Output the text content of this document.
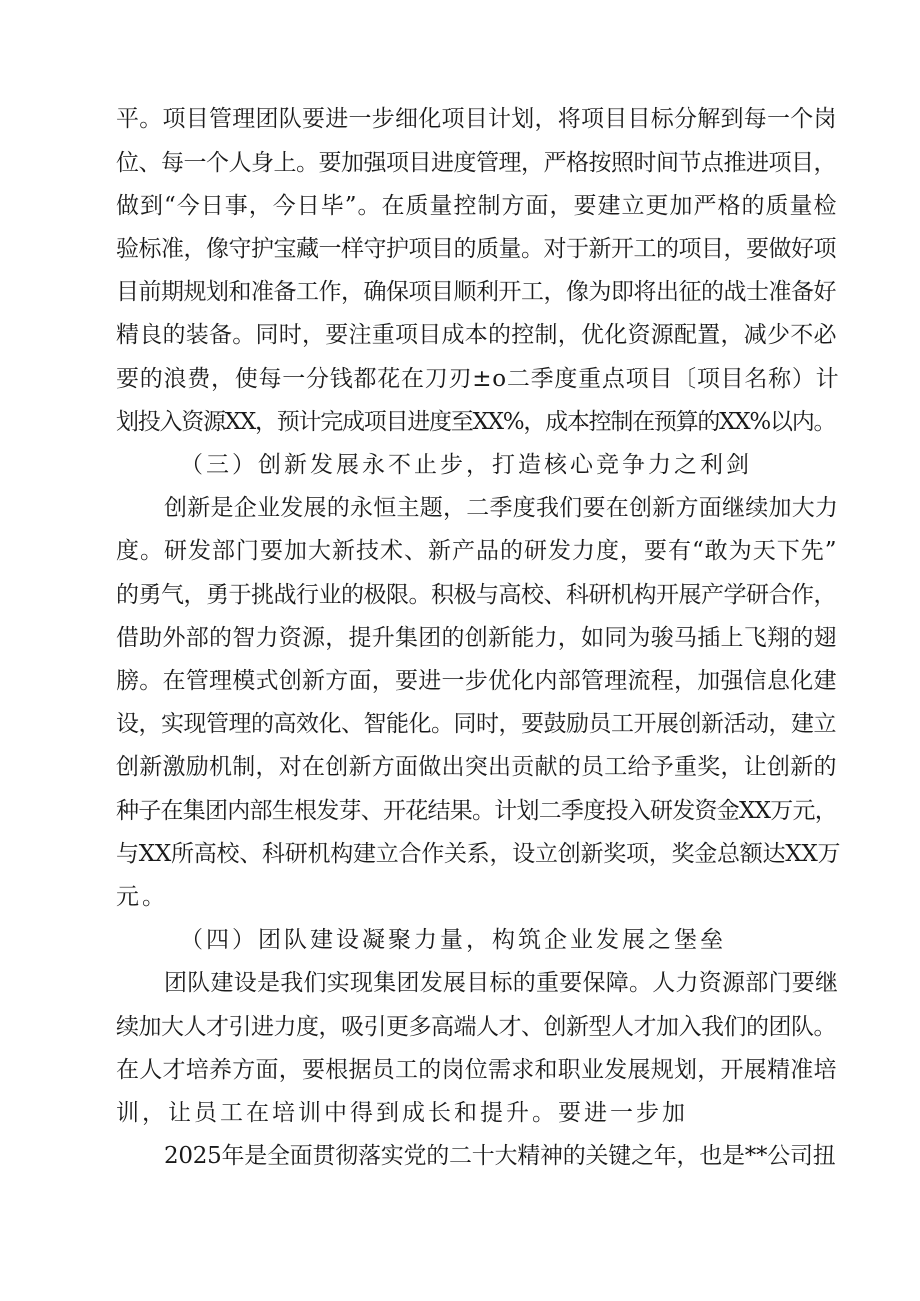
平。项目管理团队要进一步细化项目计划，将项目目标分解到每一个岗
位、每一个人身上。要加强项目进度管理，严格按照时间节点推进项目，
做到“今日事，今日毕”。在质量控制方面，要建立更加严格的质量检
验标准，像守护宝藏一样守护项目的质量。对于新开工的项目，要做好项
目前期规划和准备工作，确保项目顺利开工，像为即将出征的战士准备好
精良的装备。同时，要注重项目成本的控制，优化资源配置，减少不必
要的浪费，使每一分钱都花在刀刃±o二季度重点项目〔项目名称）计
划投入资源XX，预计完成项目进度至XX%，成本控制在预算的XX%以内。
（三）创新发展永不止步，打造核心竞争力之利剑
创新是企业发展的永恒主题，二季度我们要在创新方面继续加大力
度。研发部门要加大新技术、新产品的研发力度，要有“敢为天下先”
的勇气，勇于挑战行业的极限。积极与高校、科研机构开展产学研合作，
借助外部的智力资源，提升集团的创新能力，如同为骏马插上飞翔的翅
膀。在管理模式创新方面，要进一步优化内部管理流程，加强信息化建
设，实现管理的高效化、智能化。同时，要鼓励员工开展创新活动，建立
创新激励机制，对在创新方面做出突出贡献的员工给予重奖，让创新的
种子在集团内部生根发芽、开花结果。计划二季度投入研发资金XX万元，
与XX所高校、科研机构建立合作关系，设立创新奖项，奖金总额达XX万
元。
（四）团队建设凝聚力量，构筑企业发展之堡垒
团队建设是我们实现集团发展目标的重要保障。人力资源部门要继
续加大人才引进力度，吸引更多高端人才、创新型人才加入我们的团队。
在人才培养方面，要根据员工的岗位需求和职业发展规划，开展精准培
训，让员工在培训中得到成长和提升。要进一步加
2025年是全面贯彻落实党的二十大精神的关键之年，也是**公司扭
